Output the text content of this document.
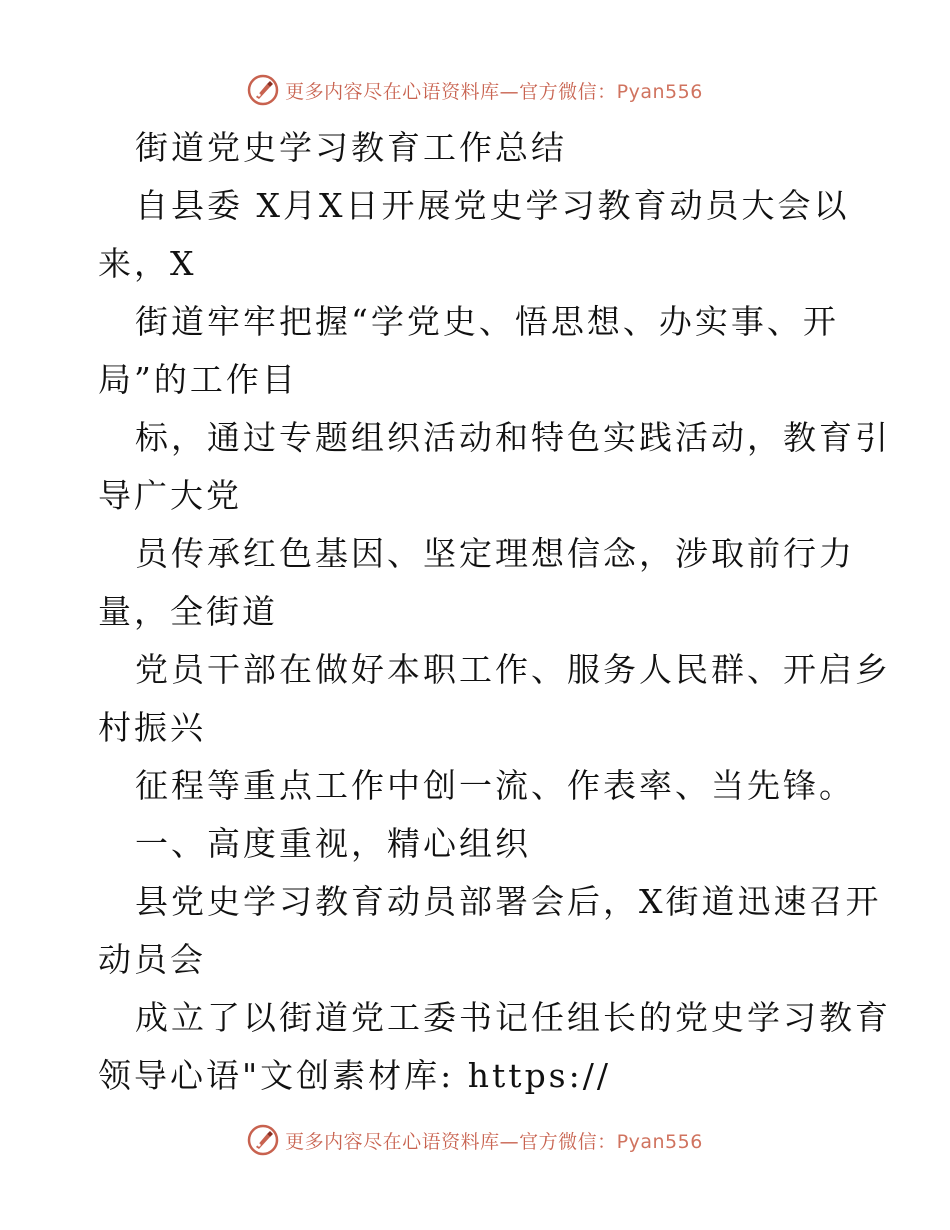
更多内容尽在心语资料库—官方微信：Pyan556
街道党史学习教育工作总结
自县委 X月X日开展党史学习教育动员大会以
来，X
街道牢牢把握“学党史、悟思想、办实事、开
局”的工作目
标，通过专题组织活动和特色实践活动，教育引
导广大党
员传承红色基因、坚定理想信念，涉取前行力
量，全街道
党员干部在做好本职工作、服务人民群、开启乡
村振兴
征程等重点工作中创一流、作表率、当先锋。
一、高度重视，精心组织
县党史学习教育动员部署会后，X街道迅速召开
动员会
成立了以街道党工委书记任组长的党史学习教育
领导心语"文创素材库: https://
更多内容尽在心语资料库—官方微信：Pyan556
